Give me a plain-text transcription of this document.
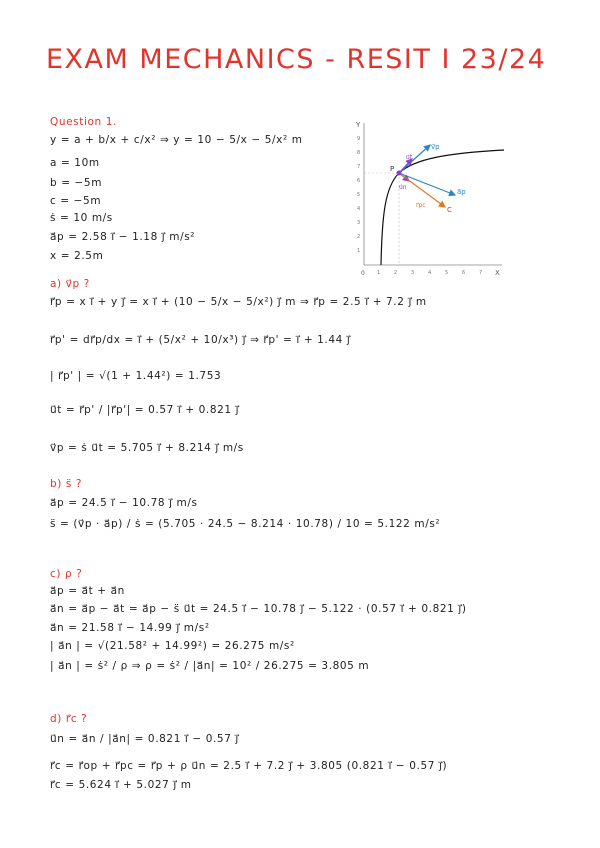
EXAM MECHANICS - RESIT I 23/24
Question 1.
y = a + b/x + c/x² ⇒ y = 10 − 5/x − 5/x² m
a = 10m
b = −5m
c = −5m
ṡ = 10 m/s
a⃗p = 2.58 i⃗ − 1.18 j⃗ m/s²
x = 2.5m
Y
X
0 1	2	3	4	5	6	7
1
2
3
4
5
6
7
8
9
P
v⃗p
u⃗t
u⃗n
a⃗p
r⃗pc
C
a) v⃗p ?
r⃗p = x i⃗ + y j⃗ = x i⃗ + (10 − 5/x − 5/x²) j⃗ m ⇒ r⃗p = 2.5 i⃗ + 7.2 j⃗ m
r⃗p' = dr⃗p/dx = i⃗ + (5/x² + 10/x³) j⃗ ⇒ r⃗p' = i⃗ + 1.44 j⃗
| r⃗p' | = √(1 + 1.44²) = 1.753
u⃗t = r⃗p' / |r⃗p'| = 0.57 i⃗ + 0.821 j⃗
v⃗p = ṡ u⃗t = 5.705 i⃗ + 8.214 j⃗ m/s
b) s̈ ?
a⃗p = 24.5 i⃗ − 10.78 j⃗ m/s
s̈ = (v⃗p · a⃗p) / ṡ = (5.705 · 24.5 − 8.214 · 10.78) / 10 = 5.122 m/s²
c) ρ ?
a⃗p = a⃗t + a⃗n
a⃗n = a⃗p − a⃗t = a⃗p − s̈ u⃗t = 24.5 i⃗ − 10.78 j⃗ − 5.122 · (0.57 i⃗ + 0.821 j⃗)
a⃗n = 21.58 i⃗ − 14.99 j⃗ m/s²
| a⃗n | = √(21.58² + 14.99²) = 26.275 m/s²
| a⃗n | = ṡ² / ρ ⇒ ρ = ṡ² / |a⃗n| = 10² / 26.275 = 3.805 m
d) r⃗c ?
u⃗n = a⃗n / |a⃗n| = 0.821 i⃗ − 0.57 j⃗
r⃗c = r⃗op + r⃗pc = r⃗p + ρ u⃗n = 2.5 i⃗ + 7.2 j⃗ + 3.805 (0.821 i⃗ − 0.57 j⃗)
r⃗c = 5.624 i⃗ + 5.027 j⃗ m
